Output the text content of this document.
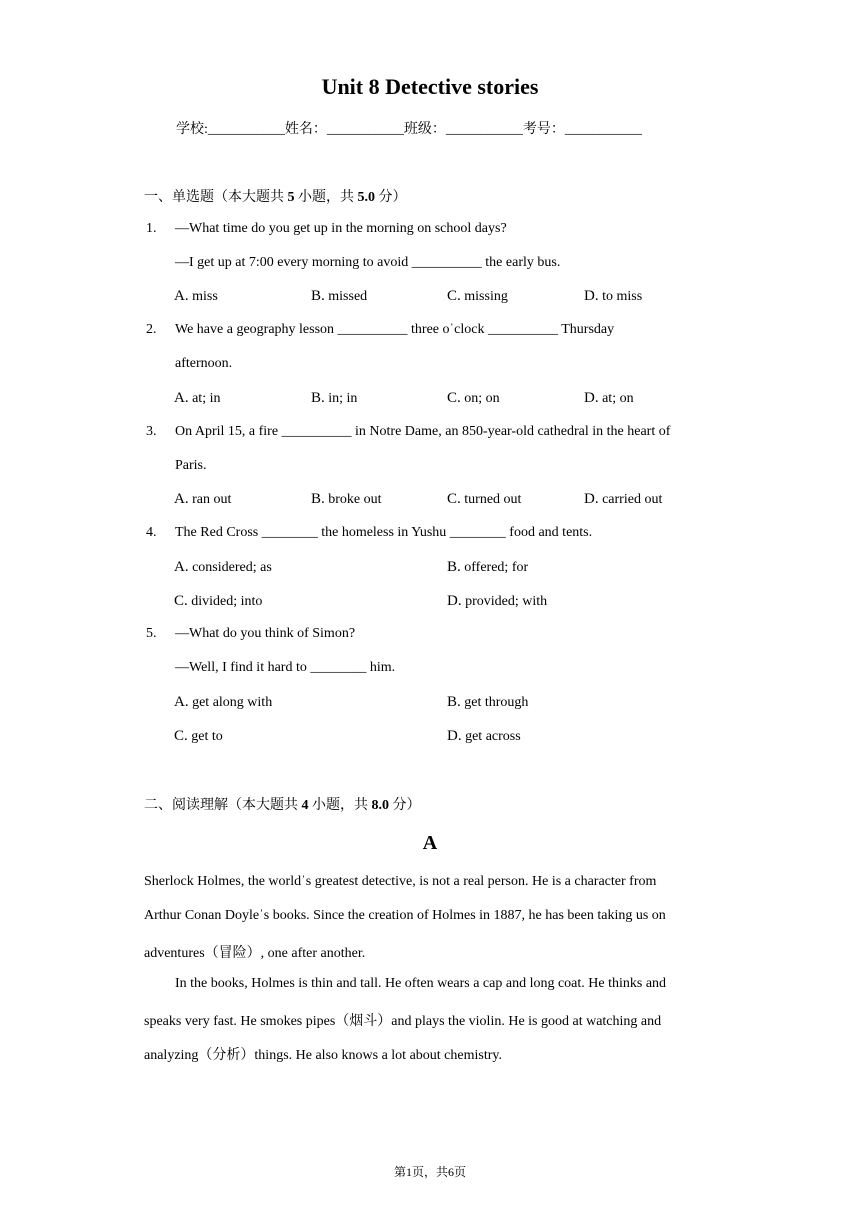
Unit 8 Detective stories
学校:___________姓名：___________班级：___________考号：___________
一、单选题（本大题共 5 小题，共 5.0 分）
1. —What time do you get up in the morning on school days?
—I get up at 7:00 every morning to avoid __________ the early bus.
A. miss	B. missed	C. missing	D. to miss
2. We have a geography lesson __________ three oˈclock __________ Thursday
afternoon.
A. at; in	B. in; in	C. on; on	D. at; on
3. On April 15, a fire __________ in Notre Dame, an 850-year-old cathedral in the heart of
Paris.
A. ran out	B. broke out	C. turned out	D. carried out
4. The Red Cross ________ the homeless in Yushu ________ food and tents.
A. considered; as	B. offered; for
C. divided; into	D. provided; with
5. —What do you think of Simon?
—Well, I find it hard to ________ him.
A. get along with	B. get through
C. get to	D. get across
二、阅读理解（本大题共 4 小题，共 8.0 分）
A
Sherlock Holmes, the worldˈs greatest detective, is not a real person. He is a character from
Arthur Conan Doyleˈs books. Since the creation of Holmes in 1887, he has been taking us on
adventures（冒险）, one after another.
In the books, Holmes is thin and tall. He often wears a cap and long coat. He thinks and
speaks very fast. He smokes pipes（烟斗）and plays the violin. He is good at watching and
analyzing（分析）things. He also knows a lot about chemistry.
第1页，共6页
